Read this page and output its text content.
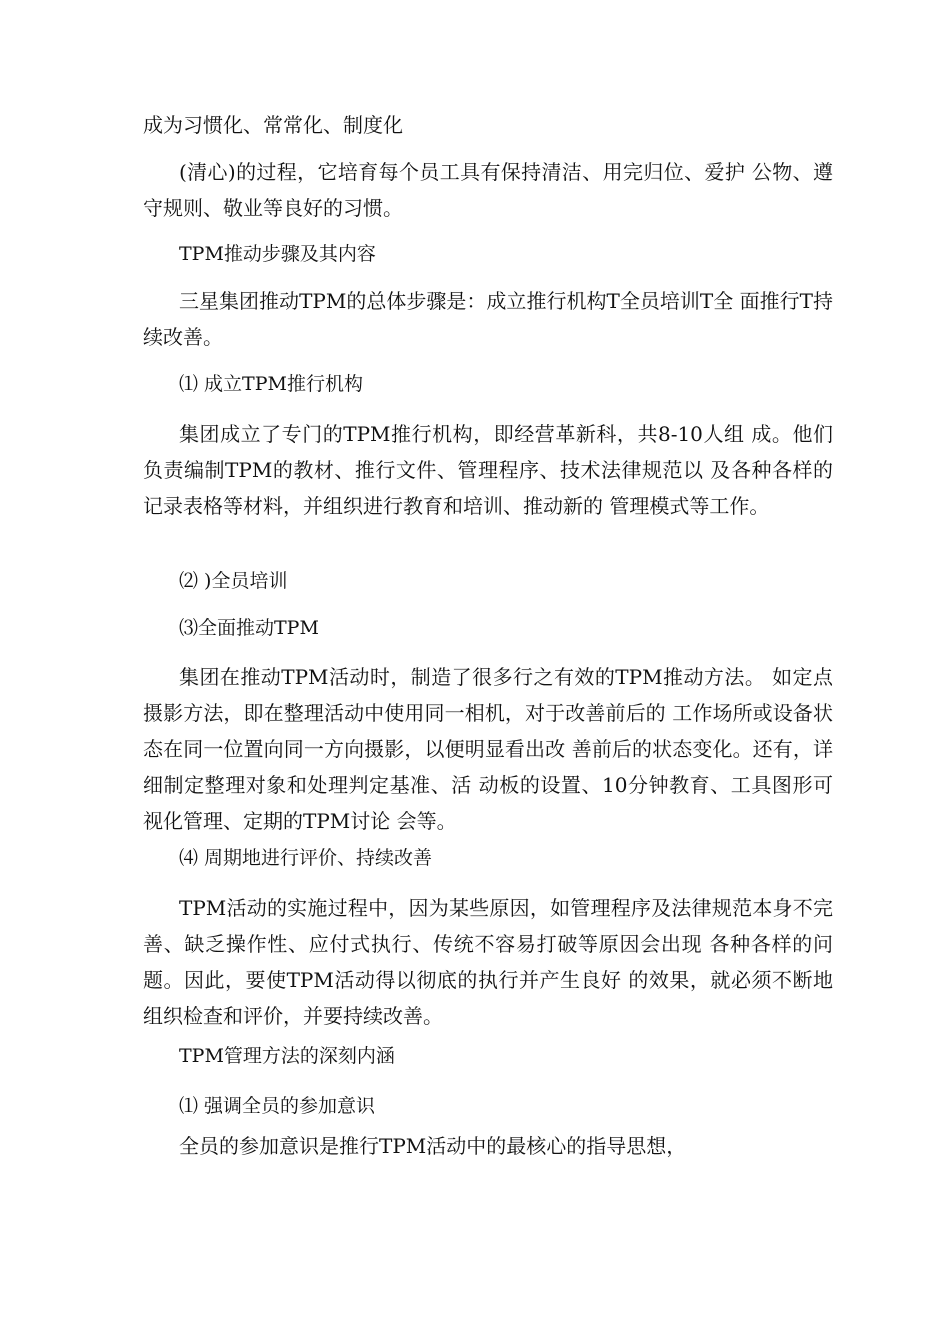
成为习惯化、常常化、制度化

(清心)的过程，它培育每个员工具有保持清洁、用完归位、爱护 公物、遵守规则、敬业等良好的习惯。

TPM推动步骤及其内容

三星集团推动TPM的总体步骤是：成立推行机构T全员培训T全 面推行T持续改善。

⑴ 成立TPM推行机构

集团成立了专门的TPM推行机构，即经营革新科，共8-10人组 成。他们负责编制TPM的教材、推行文件、管理程序、技术法律规范以 及各种各样的记录表格等材料，并组织进行教育和培训、推动新的 管理模式等工作。

⑵ )全员培训

⑶全面推动TPM

集团在推动TPM活动时，制造了很多行之有效的TPM推动方法。 如定点摄影方法，即在整理活动中使用同一相机，对于改善前后的 工作场所或设备状态在同一位置向同一方向摄影，以便明显看出改 善前后的状态变化。还有，详细制定整理对象和处理判定基准、活 动板的设置、10分钟教育、工具图形可视化管理、定期的TPM讨论 会等。

⑷ 周期地进行评价、持续改善

TPM活动的实施过程中，因为某些原因，如管理程序及法律规范本身不完善、缺乏操作性、应付式执行、传统不容易打破等原因会出现 各种各样的问题。因此，要使TPM活动得以彻底的执行并产生良好 的效果，就必须不断地组织检查和评价，并要持续改善。

TPM管理方法的深刻内涵

⑴ 强调全员的参加意识

全员的参加意识是推行TPM活动中的最核心的指导思想，
